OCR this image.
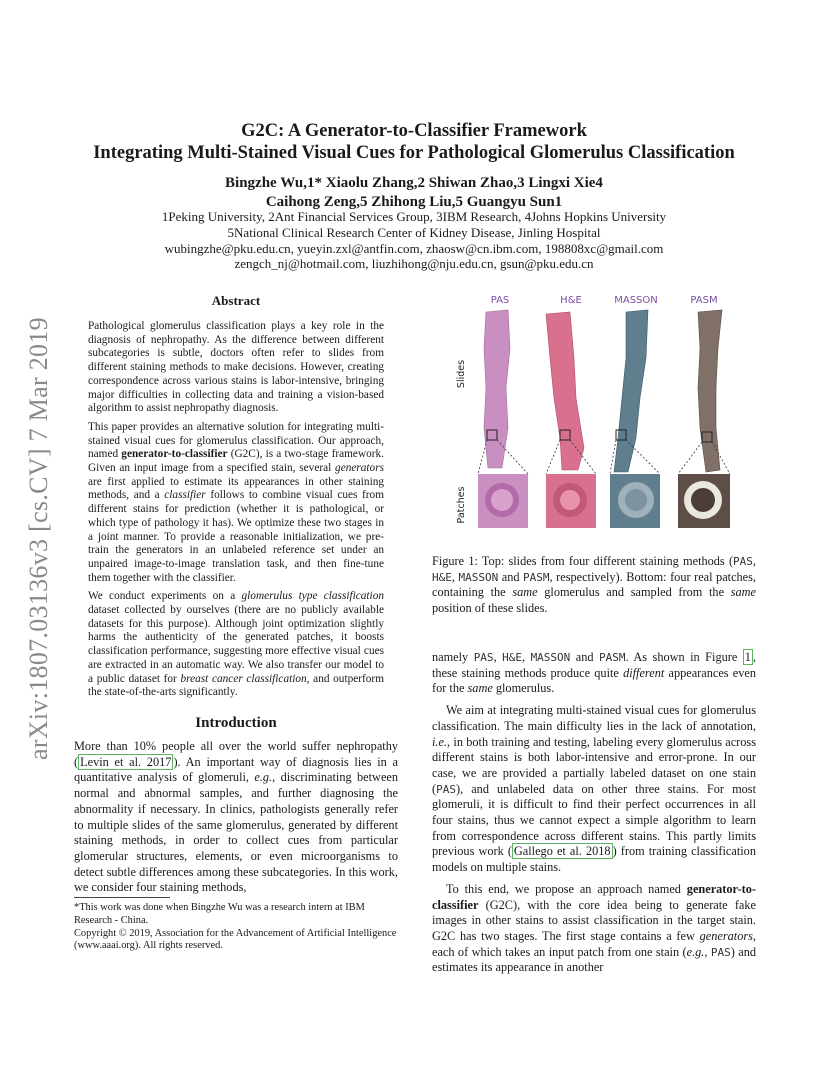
arXiv:1807.03136v3 [cs.CV] 7 Mar 2019
G2C: A Generator-to-Classifier Framework
Integrating Multi-Stained Visual Cues for Pathological Glomerulus Classification
Bingzhe Wu,1* Xiaolu Zhang,2 Shiwan Zhao,3 Lingxi Xie4
Caihong Zeng,5 Zhihong Liu,5 Guangyu Sun1
1Peking University, 2Ant Financial Services Group, 3IBM Research, 4Johns Hopkins University
5National Clinical Research Center of Kidney Disease, Jinling Hospital
wubingzhe@pku.edu.cn, yueyin.zxl@antfin.com, zhaosw@cn.ibm.com, 198808xc@gmail.com
zengch_nj@hotmail.com, liuzhihong@nju.edu.cn, gsun@pku.edu.cn
Abstract

Pathological glomerulus classification plays a key role in the diagnosis of nephropathy. As the difference between different subcategories is subtle, doctors often refer to slides from different staining methods to make decisions. However, creating correspondence across various stains is labor-intensive, bringing major difficulties in collecting data and training a vision-based algorithm to assist nephropathy diagnosis.

This paper provides an alternative solution for integrating multi-stained visual cues for glomerulus classification. Our approach, named generator-to-classifier (G2C), is a two-stage framework. Given an input image from a specified stain, several generators are first applied to estimate its appearances in other staining methods, and a classifier follows to combine visual cues from different stains for prediction (whether it is pathological, or which type of pathology it has). We optimize these two stages in a joint manner. To provide a reasonable initialization, we pre-train the generators in an unlabeled reference set under an unpaired image-to-image translation task, and then fine-tune them together with the classifier.

We conduct experiments on a glomerulus type classification dataset collected by ourselves (there are no publicly available datasets for this purpose). Although joint optimization slightly harms the authenticity of the generated patches, it boosts classification performance, suggesting more effective visual cues are extracted in an automatic way. We also transfer our model to a public dataset for breast cancer classification, and outperform the state-of-the-arts significantly.

Introduction
More than 10% people all over the world suffer nephropathy ( Levin et al. 2017 ). An important way of diagnosis lies in a quantitative analysis of glomeruli, e.g., discriminating between normal and abnormal samples, and further diagnosing the abnormality if necessary. In clinics, pathologists generally refer to multiple slides of the same glomerulus, generated by different staining methods, in order to collect cues from particular glomerular structures, elements, or even microorganisms to detect subtle differences among these subcategories. In this work, we consider four staining methods,

*This work was done when Bingzhe Wu was a research intern at IBM Research - China.

Copyright © 2019, Association for the Advancement of Artificial Intelligence (www.aaai.org). All rights reserved.

PAS	H&E	MASSON	PASM
Slides
Patches
Figure 1: Top: slides from four different staining methods (PAS, H&E, MASSON and PASM, respectively). Bottom: four real patches, containing the same glomerulus and sampled from the same position of these slides.

namely PAS, H&E, MASSON and PASM. As shown in Figure 1 , these staining methods produce quite different appearances even for the same glomerulus.

We aim at integrating multi-stained visual cues for glomerulus classification. The main difficulty lies in the lack of annotation, i.e., in both training and testing, labeling every glomerulus across different stains is both labor-intensive and error-prone. In our case, we are provided a partially labeled dataset on one stain (PAS), and unlabeled data on other three stains. For most glomeruli, it is difficult to find their perfect occurrences in all four stains, thus we cannot expect a simple algorithm to learn from correspondence across different stains. This partly limits previous work ( Gallego et al. 2018 ) from training classification models on multiple stains.

To this end, we propose an approach named generator-to-classifier (G2C), with the core idea being to generate fake images in other stains to assist classification in the target stain. G2C has two stages. The first stage contains a few generators, each of which takes an input patch from one stain (e.g., PAS) and estimates its appearance in another
